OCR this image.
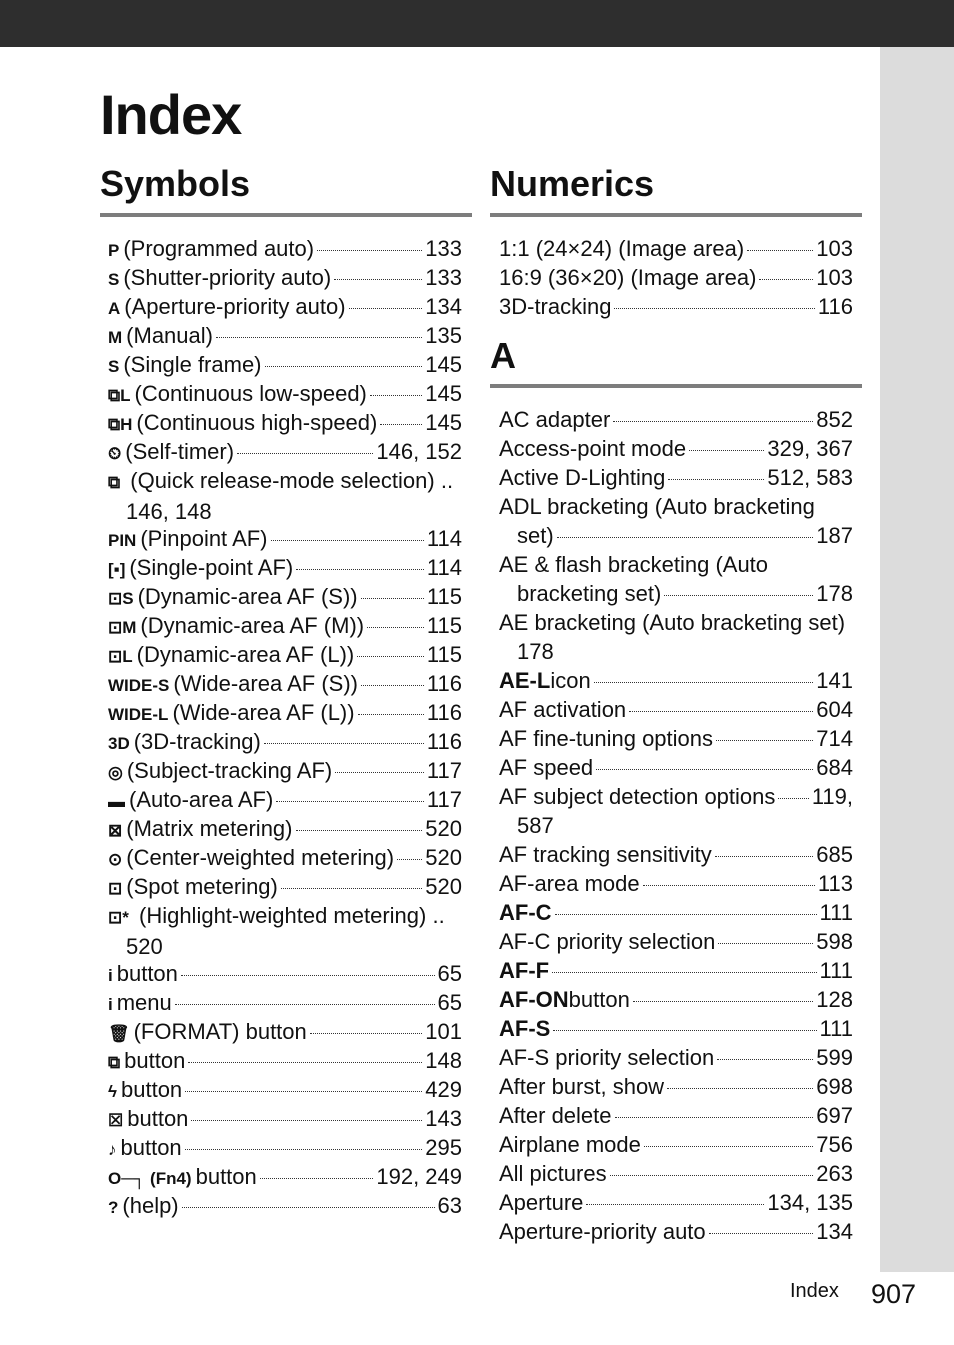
Index
Symbols	Numerics
P (Programmed auto)	133
S (Shutter-priority auto)	133
A (Aperture-priority auto)	134
M (Manual)	135
S (Single frame)	145
⧉L (Continuous low-speed)	145
⧉H (Continuous high-speed) 145
⏲ (Self-timer)	146, 152
⧉ (Quick release-mode selection) ..
146, 148
PIN (Pinpoint AF)	114
[▪] (Single-point AF)	114
⊡S (Dynamic-area AF (S))	115
⊡M (Dynamic-area AF (M))	115
⊡L (Dynamic-area AF (L))	115
WIDE-S (Wide-area AF (S))	116
WIDE-L (Wide-area AF (L))	116
3D (3D-tracking)	116
◎ (Subject-tracking AF)	117
▬ (Auto-area AF)	117
⊠ (Matrix metering)	520
⊙ (Center-weighted metering) 520
⊡ (Spot metering)	520
⊡* (Highlight-weighted metering) ..
520
i button	65
i menu	65
🗑 (FORMAT) button	101
⧉ button	148
ϟ button	429
☒ button	143
♪ button	295
O─┐ (Fn4) button	192, 249
? (help)	63
1:1 (24×24) (Image area)	103
16:9 (36×20) (Image area)	103
3D-tracking	116
A
AC adapter	852
Access-point mode	329, 367
Active D-Lighting	512, 583
ADL bracketing (Auto bracketing
set)	187
AE & flash bracketing (Auto
bracketing set)	178
AE bracketing (Auto bracketing set)
178
AE-L icon	141
AF activation	604
AF fine-tuning options	714
AF speed	684
AF subject detection options 119,
587
AF tracking sensitivity	685
AF-area mode	113
AF-C	111
AF-C priority selection	598
AF-F	111
AF-ON button	128
AF-S	111
AF-S priority selection	599
After burst, show	698
After delete	697
Airplane mode	756
All pictures	263
Aperture	134, 135
Aperture-priority auto	134
Index 907
